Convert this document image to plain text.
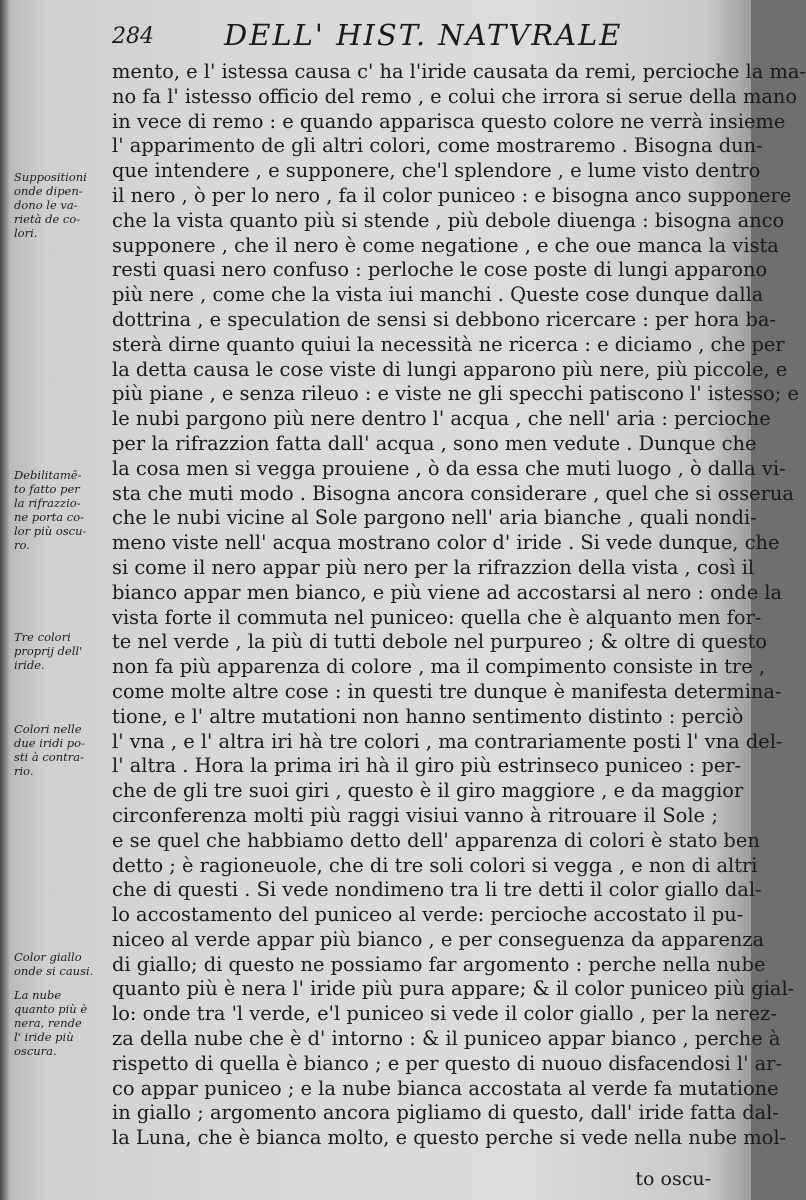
284 DELL' HIST. NATVRALE
mento, e l' istessa causa c' ha l'iride causata da remi, percioche la ma-
no fa l' istesso officio del remo , e colui che irrora si serue della mano
in vece di remo : e quando apparisca questo colore ne verrà insieme
l' apparimento de gli altri colori, come mostraremo . Bisogna dun-
que intendere , e supponere, che'l splendore , e lume visto dentro
il nero , ò per lo nero , fa il color puniceo : e bisogna anco supponere
che la vista quanto più si stende , più debole diuenga : bisogna anco
supponere , che il nero è come negatione , e che oue manca la vista
resti quasi nero confuso : perloche le cose poste di lungi apparono
più nere , come che la vista iui manchi . Queste cose dunque dalla
dottrina , e speculation de sensi si debbono ricercare : per hora ba-
sterà dirne quanto quiui la necessità ne ricerca : e diciamo , che per
la detta causa le cose viste di lungi apparono più nere, più piccole, e
più piane , e senza rileuo : e viste ne gli specchi patiscono l' istesso; e
le nubi pargono più nere dentro l' acqua , che nell' aria : percioche
per la rifrazzion fatta dall' acqua , sono men vedute . Dunque che
la cosa men si vegga prouiene , ò da essa che muti luogo , ò dalla vi-
sta che muti modo . Bisogna ancora considerare , quel che si osserua
che le nubi vicine al Sole pargono nell' aria bianche , quali nondi-
meno viste nell' acqua mostrano color d' iride . Si vede dunque, che
si come il nero appar più nero per la rifrazzion della vista , così il
bianco appar men bianco, e più viene ad accostarsi al nero : onde la
vista forte il commuta nel puniceo: quella che è alquanto men for-
te nel verde , la più di tutti debole nel purpureo ; & oltre di questo
non fa più apparenza di colore , ma il compimento consiste in tre ,
come molte altre cose : in questi tre dunque è manifesta determina-
tione, e l' altre mutationi non hanno sentimento distinto : perciò
l' vna , e l' altra iri hà tre colori , ma contrariamente posti l' vna del-
l' altra . Hora la prima iri hà il giro più estrinseco puniceo : per-
che de gli tre suoi giri , questo è il giro maggiore , e da maggior
circonferenza molti più raggi visiui vanno à ritrouare il Sole ;
e se quel che habbiamo detto dell' apparenza di colori è stato ben
detto ; è ragioneuole, che di tre soli colori si vegga , e non di altri
che di questi . Si vede nondimeno tra li tre detti il color giallo dal-
lo accostamento del puniceo al verde: percioche accostato il pu-
niceo al verde appar più bianco , e per conseguenza da apparenza
di giallo; di questo ne possiamo far argomento : perche nella nube
quanto più è nera l' iride più pura appare; & il color puniceo più gial-
lo: onde tra 'l verde, e'l puniceo si vede il color giallo , per la nerez-
za della nube che è d' intorno : & il puniceo appar bianco , perche à
rispetto di quella è bianco ; e per questo di nuouo disfacendosi l' ar-
co appar puniceo ; e la nube bianca accostata al verde fa mutatione
in giallo ; argomento ancora pigliamo di questo, dall' iride fatta dal-
la Luna, che è bianca molto, e questo perche si vede nella nube mol-
Suppositioni
onde dipen-
dono le va-
rietà de co-
lori.
Debilitamē-
to fatto per
la rifrazzio-
ne porta co-
lor più oscu-
ro.
Tre colori
proprij dell'
iride.
Colori nelle
due iridi po-
sti à contra-
rio.
Color giallo
onde si causi.
La nube
quanto più è
nera, rende
l' iride più
oscura.
to oscu-
